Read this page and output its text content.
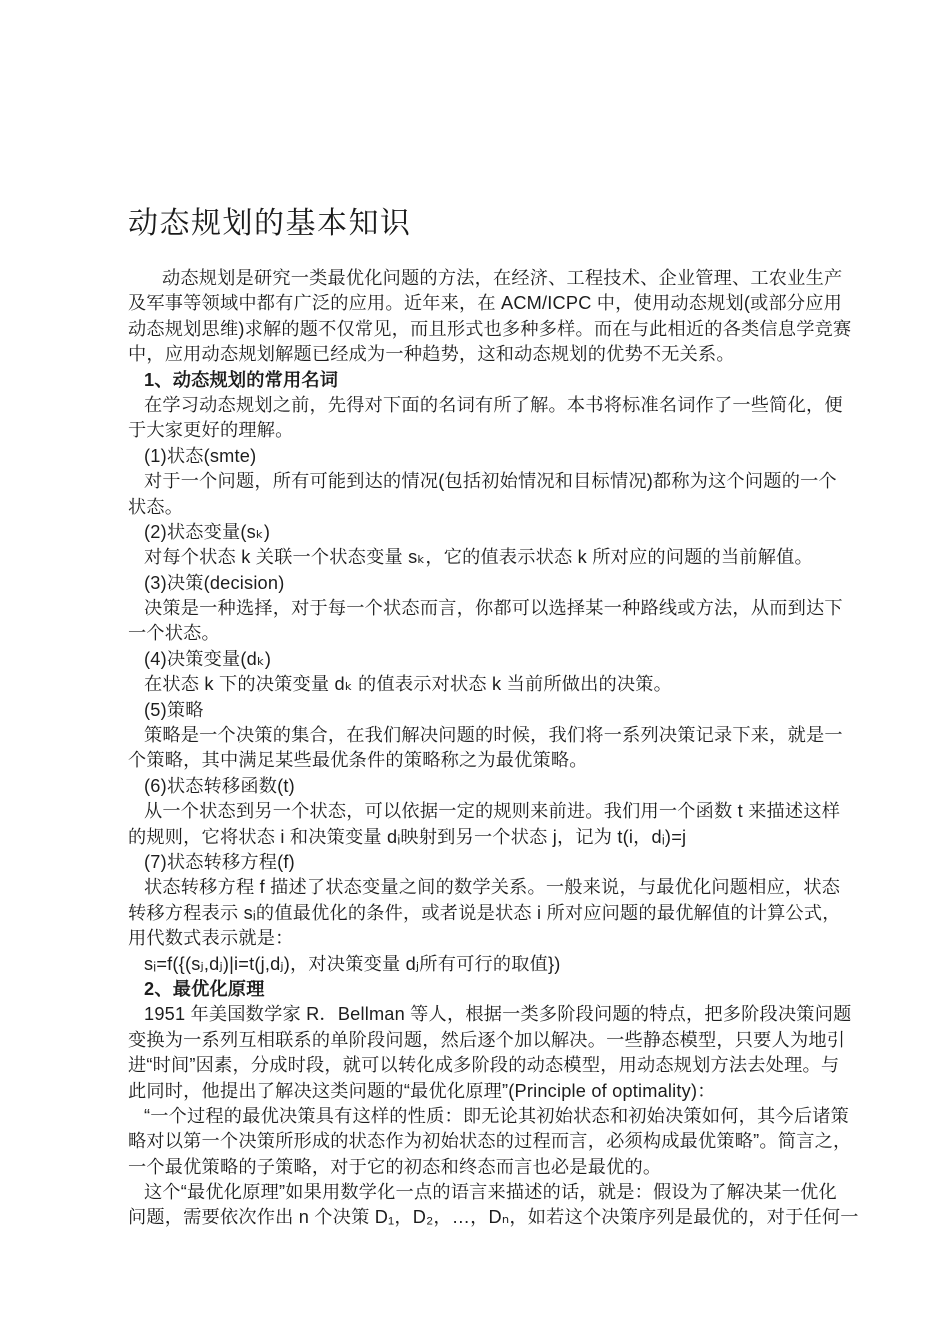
动态规划的基本知识
动态规划是研究一类最优化问题的方法，在经济、工程技术、企业管理、工农业生产
及军事等领域中都有广泛的应用。近年来，在 ACM/ICPC 中，使用动态规划(或部分应用
动态规划思维)求解的题不仅常见，而且形式也多种多样。而在与此相近的各类信息学竞赛
中，应用动态规划解题已经成为一种趋势，这和动态规划的优势不无关系。
1、动态规划的常用名词
在学习动态规划之前，先得对下面的名词有所了解。本书将标准名词作了一些简化，便
于大家更好的理解。
(1)状态(smte)
对于一个问题，所有可能到达的情况(包括初始情况和目标情况)都称为这个问题的一个
状态。
(2)状态变量(sₖ)
对每个状态 k 关联一个状态变量 sₖ，它的值表示状态 k 所对应的问题的当前解值。
(3)决策(decision)
决策是一种选择，对于每一个状态而言，你都可以选择某一种路线或方法，从而到达下
一个状态。
(4)决策变量(dₖ)
在状态 k 下的决策变量 dₖ 的值表示对状态 k 当前所做出的决策。
(5)策略
策略是一个决策的集合，在我们解决问题的时候，我们将一系列决策记录下来，就是一
个策略，其中满足某些最优条件的策略称之为最优策略。
(6)状态转移函数(t)
从一个状态到另一个状态，可以依据一定的规则来前进。我们用一个函数 t 来描述这样
的规则，它将状态 i 和决策变量 dᵢ映射到另一个状态 j，记为 t(i，dᵢ)=j
(7)状态转移方程(f)
状态转移方程 f 描述了状态变量之间的数学关系。一般来说，与最优化问题相应，状态
转移方程表示 sᵢ的值最优化的条件，或者说是状态 i 所对应问题的最优解值的计算公式，
用代数式表示就是：
sᵢ=f({(sⱼ,dⱼ)|i=t(j,dⱼ)，对决策变量 dⱼ所有可行的取值})
2、最优化原理
1951 年美国数学家 R．Bellman 等人，根据一类多阶段问题的特点，把多阶段决策问题
变换为一系列互相联系的单阶段问题，然后逐个加以解决。一些静态模型，只要人为地引
进“时间”因素，分成时段，就可以转化成多阶段的动态模型，用动态规划方法去处理。与
此同时，他提出了解决这类问题的“最优化原理”(Principle of optimality)：
“一个过程的最优决策具有这样的性质：即无论其初始状态和初始决策如何，其今后诸策
略对以第一个决策所形成的状态作为初始状态的过程而言，必须构成最优策略”。简言之，
一个最优策略的子策略，对于它的初态和终态而言也必是最优的。
这个“最优化原理”如果用数学化一点的语言来描述的话，就是：假设为了解决某一优化
问题，需要依次作出 n 个决策 D₁，D₂，…，Dₙ，如若这个决策序列是最优的，对于任何一
